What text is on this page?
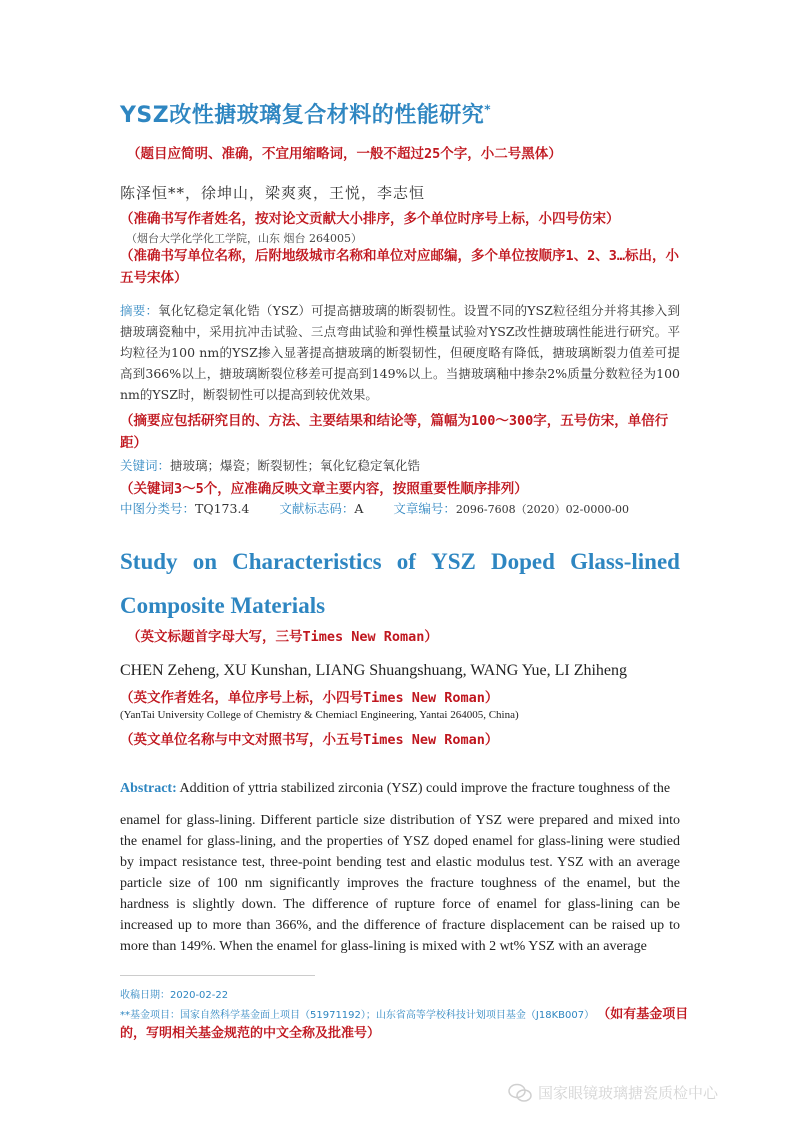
YSZ改性搪玻璃复合材料的性能研究*
（题目应简明、准确，不宜用缩略词，一般不超过25个字，小二号黑体）
陈泽恒**，徐坤山，梁爽爽，王悦，李志恒
（准确书写作者姓名，按对论文贡献大小排序，多个单位时序号上标，小四号仿宋）
（烟台大学化学化工学院，山东 烟台 264005）
（准确书写单位名称，后附地级城市名称和单位对应邮编，多个单位按顺序1、2、3…标出，小五号宋体）
摘要：氧化钇稳定氧化锆（YSZ）可提高搪玻璃的断裂韧性。设置不同的YSZ粒径组分并将其掺入到搪玻璃瓷釉中，采用抗冲击试验、三点弯曲试验和弹性模量试验对YSZ改性搪玻璃性能进行研究。平均粒径为100 nm的YSZ掺入显著提高搪玻璃的断裂韧性，但硬度略有降低，搪玻璃断裂力值差可提高到366%以上，搪玻璃断裂位移差可提高到149%以上。当搪玻璃釉中掺杂2%质量分数粒径为100 nm的YSZ时，断裂韧性可以提高到较优效果。
（摘要应包括研究目的、方法、主要结果和结论等，篇幅为100～300字，五号仿宋，单倍行距）
关键词：搪玻璃；爆瓷；断裂韧性；氧化钇稳定氧化锆
（关键词3～5个，应准确反映文章主要内容，按照重要性顺序排列）
中图分类号：TQ173.4 文献标志码：A 文章编号：2096-7608（2020）02-0000-00
Study on Characteristics of YSZ Doped Glass-lined
Composite Materials
（英文标题首字母大写，三号Times New Roman）
CHEN Zeheng, XU Kunshan, LIANG Shuangshuang, WANG Yue, LI Zhiheng
（英文作者姓名，单位序号上标，小四号Times New Roman）
(YanTai University College of Chemistry & Chemiacl Engineering, Yantai 264005, China)
（英文单位名称与中文对照书写，小五号Times New Roman）
Abstract: Addition of yttria stabilized zirconia (YSZ) could improve the fracture toughness of the
enamel for glass-lining. Different particle size distribution of YSZ were prepared and mixed into the enamel for glass-lining, and the properties of YSZ doped enamel for glass-lining were studied by impact resistance test, three-point bending test and elastic modulus test. YSZ with an average particle size of 100 nm significantly improves the fracture toughness of the enamel, but the hardness is slightly down. The difference of rupture force of enamel for glass-lining can be increased up to more than 366%, and the difference of fracture displacement can be raised up to more than 149%. When the enamel for glass-lining is mixed with 2 wt% YSZ with an average
收稿日期：2020-02-22
**基金项目：国家自然科学基金面上项目（51971192）；山东省高等学校科技计划项目基金（J18KB007） （如有基金项目
的，写明相关基金规范的中文全称及批准号）
国家眼镜玻璃搪瓷质检中心
